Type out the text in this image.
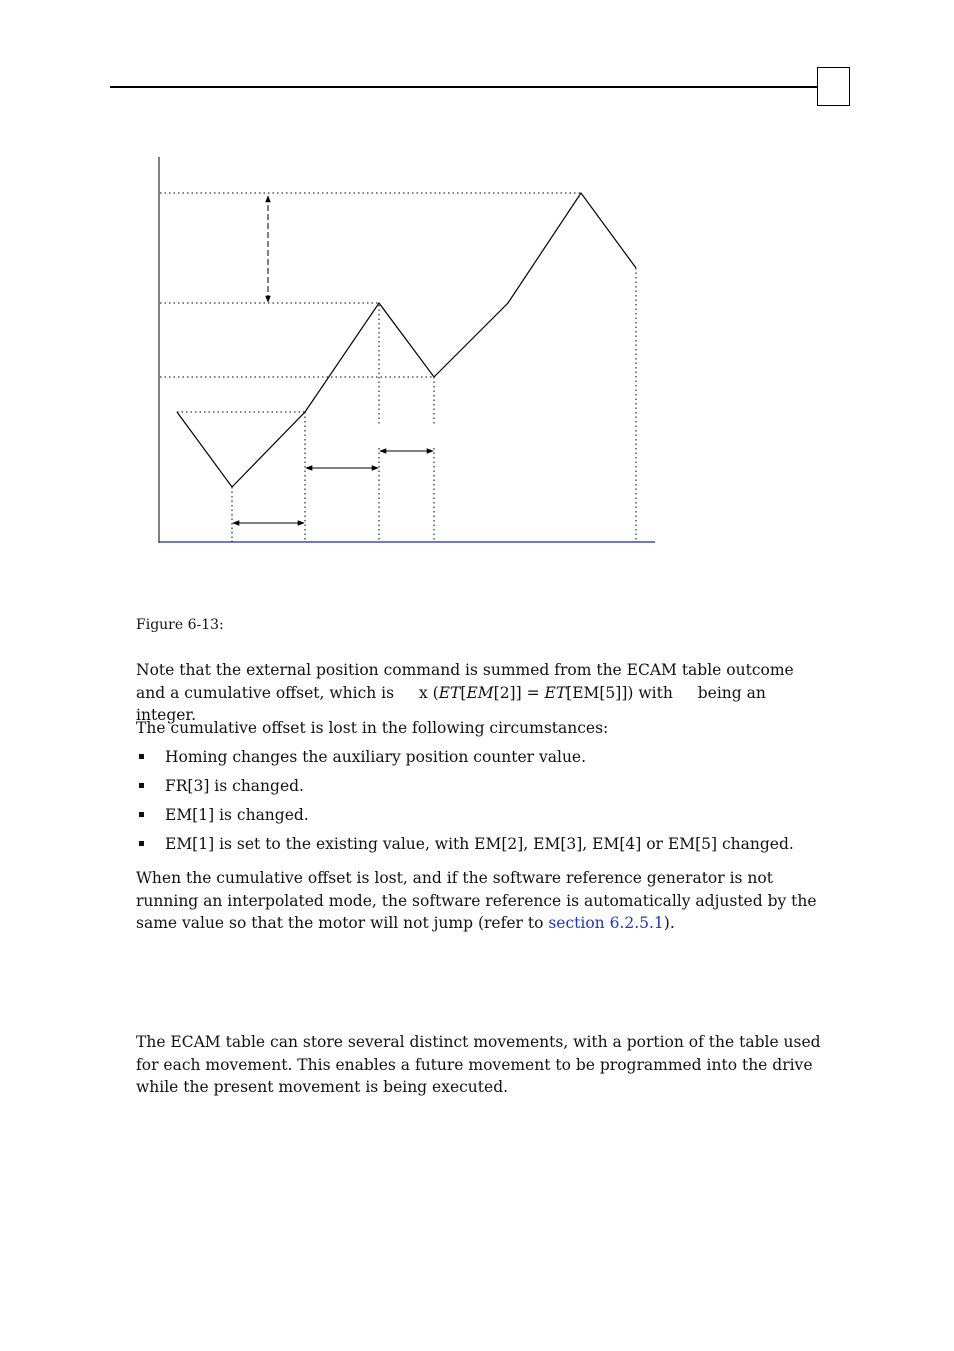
Figure 6-13:

Note that the external position command is summed from the ECAM table outcome and a cumulative offset, which is x (ET[EM[2]] = ET[EM[5]]) with being an integer.

The cumulative offset is lost in the following circumstances:

Homing changes the auxiliary position counter value.
FR[3] is changed.
EM[1] is changed.
EM[1] is set to the existing value, with EM[2], EM[3], EM[4] or EM[5] changed.

When the cumulative offset is lost, and if the software reference generator is not running an interpolated mode, the software reference is automatically adjusted by the same value so that the motor will not jump (refer to section 6.2.5.1).

The ECAM table can store several distinct movements, with a portion of the table used for each movement. This enables a future movement to be programmed into the drive while the present movement is being executed.
